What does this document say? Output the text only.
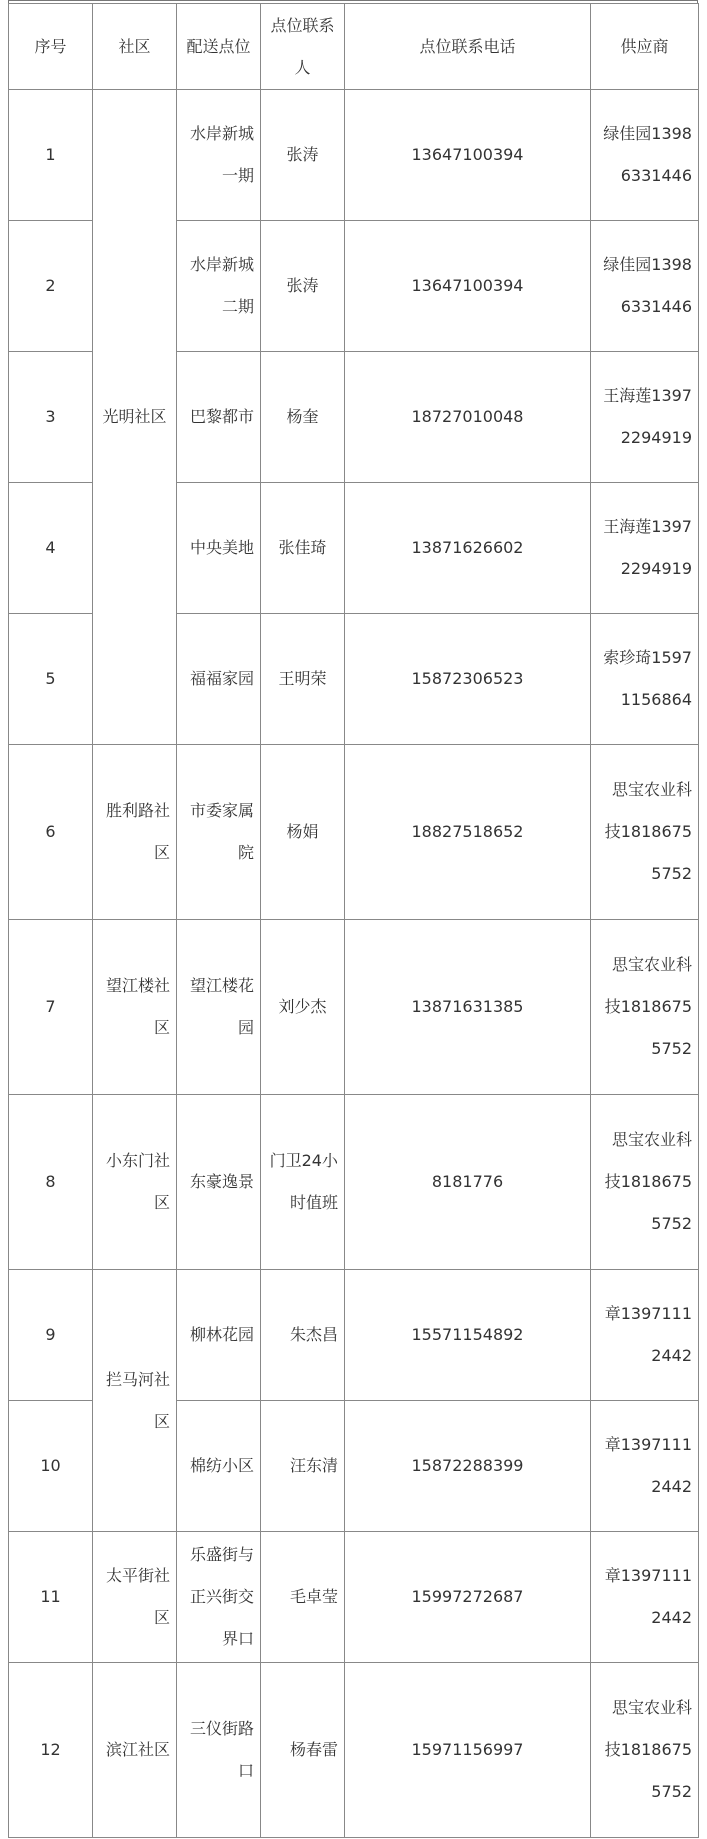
序号	社区	配送点位	点位联系人	点位联系电话	供应商
1	光明社区	水岸新城一期	张涛	13647100394	绿佳园13986331446
2		水岸新城二期	张涛	13647100394	绿佳园13986331446
3		巴黎都市	杨奎	18727010048	王海莲13972294919
4		中央美地	张佳琦	13871626602	王海莲13972294919
5		福福家园	王明荣	15872306523	索珍琦15971156864
6	胜利路社区	市委家属院	杨娟	18827518652	思宝农业科技18186755752
7	望江楼社区	望江楼花园	刘少杰	13871631385	思宝农业科技18186755752
8	小东门社区	东豪逸景	门卫24小时值班	8181776	思宝农业科技18186755752
9	拦马河社区	柳林花园	朱杰昌	15571154892	章13971112442
10		棉纺小区	汪东清	15872288399	章13971112442
11	太平街社区	乐盛街与正兴街交界口	毛卓莹	15997272687	章13971112442
12	滨江社区	三仪街路口	杨春雷	15971156997	思宝农业科技18186755752
